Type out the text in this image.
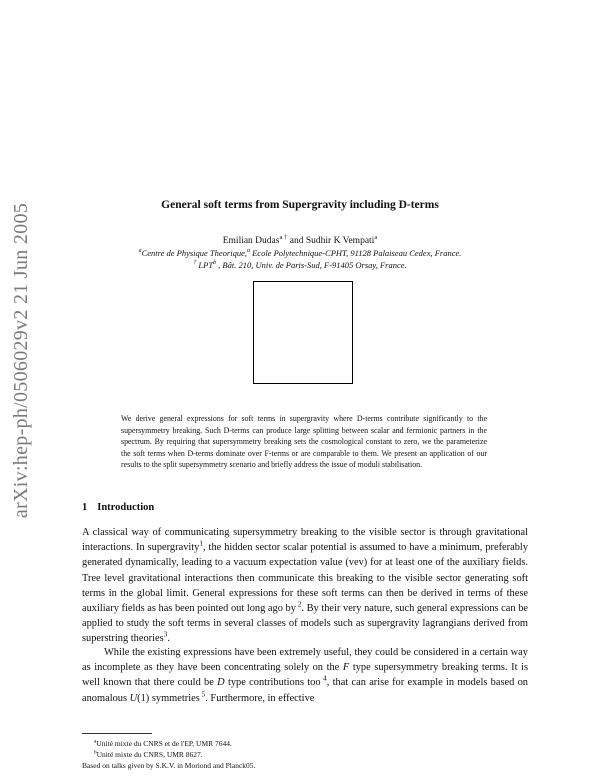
arXiv:hep-ph/0506029v2 21 Jun 2005	General soft terms from Supergravity including D-terms
Emilian Dudas$^{a \dagger}$ and Sudhir K Vempati$^a$
$^a$Centre de Physique Theorique,$^a$ Ecole Polytechnique-CPHT, 91128 Palaiseau Cedex, France.
† LPT$^b$ , Bât. 210, Univ. de Paris-Sud, F-91405 Orsay, France.

We derive general expressions for soft terms in supergravity where D-terms contribute significantly to the supersymmetry breaking. Such D-terms can produce large splitting between scalar and fermionic partners in the spectrum. By requiring that supersymmetry breaking sets the cosmological constant to zero, we the parameterize the soft terms when D-terms dominate over F-terms or are comparable to them. We present an application of our results to the split supersymmetry scenario and briefly address the issue of moduli stabilisation.

1 Introduction

A classical way of communicating supersymmetry breaking to the visible sector is through gravitational interactions. In supergravity$^1$, the hidden sector scalar potential is assumed to have a minimum, preferably generated dynamically, leading to a vacuum expectation value (vev) for at least one of the auxiliary fields. Tree level gravitational interactions then communicate this breaking to the visible sector generating soft terms in the global limit. General expressions for these soft terms can then be derived in terms of these auxiliary fields as has been pointed out long ago by $^2$. By their very nature, such general expressions can be applied to study the soft terms in several classes of models such as supergravity lagrangians derived from superstring theories$^3$.

While the existing expressions have been extremely useful, they could be considered in a certain way as incomplete as they have been concentrating solely on the F type supersymmetry breaking terms. It is well known that there could be D type contributions too $^4$, that can arise for example in models based on anomalous U(1) symmetries $^5$. Furthermore, in effective

$^a$Unité mixte du CNRS et de l'EP, UMR 7644.
$^b$Unité mixte du CNRS, UMR 8627.
Based on talks given by S.K.V. in Moriond and Planck05.
